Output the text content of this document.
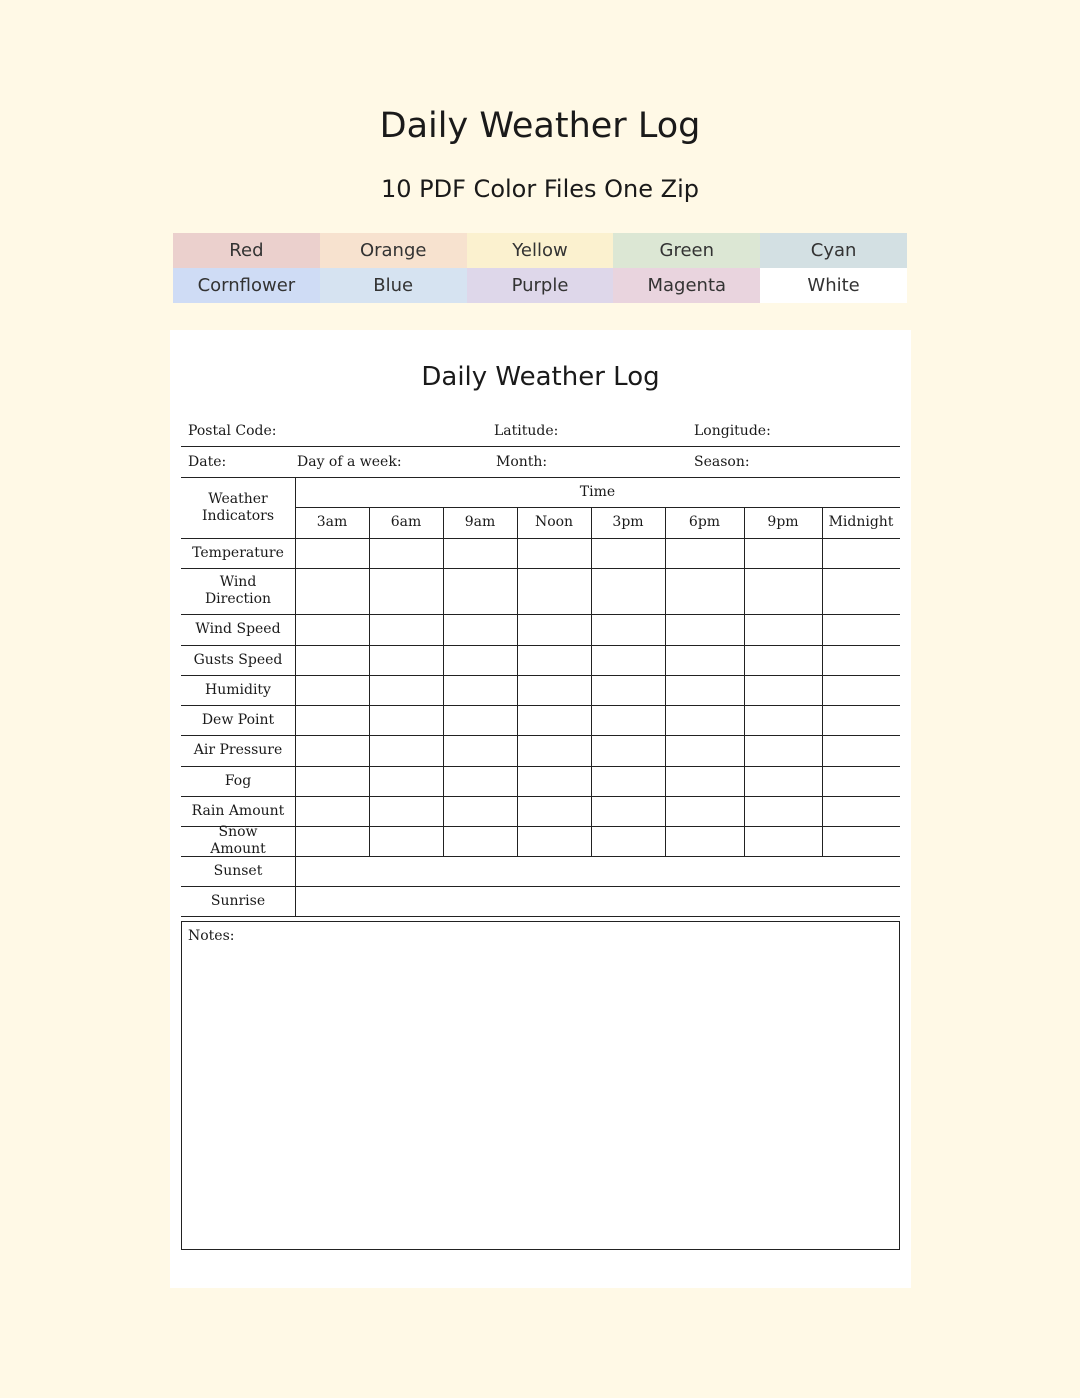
Daily Weather Log
10 PDF Color Files One Zip
Red	Orange	Yellow	Green	Cyan
Cornflower	Blue	Purple	Magenta	White
Daily Weather Log
Postal Code:	Latitude:	Longitude:
Date:	Day of a week:	Month:	Season:
Weather Indicators
Time
3am	6am	9am	Noon	3pm	6pm	9pm	Midnight
Temperature
Wind Direction
Wind Speed
Gusts Speed
Humidity
Dew Point
Air Pressure
Fog
Rain Amount
Snow Amount
Sunset
Sunrise
Notes:
